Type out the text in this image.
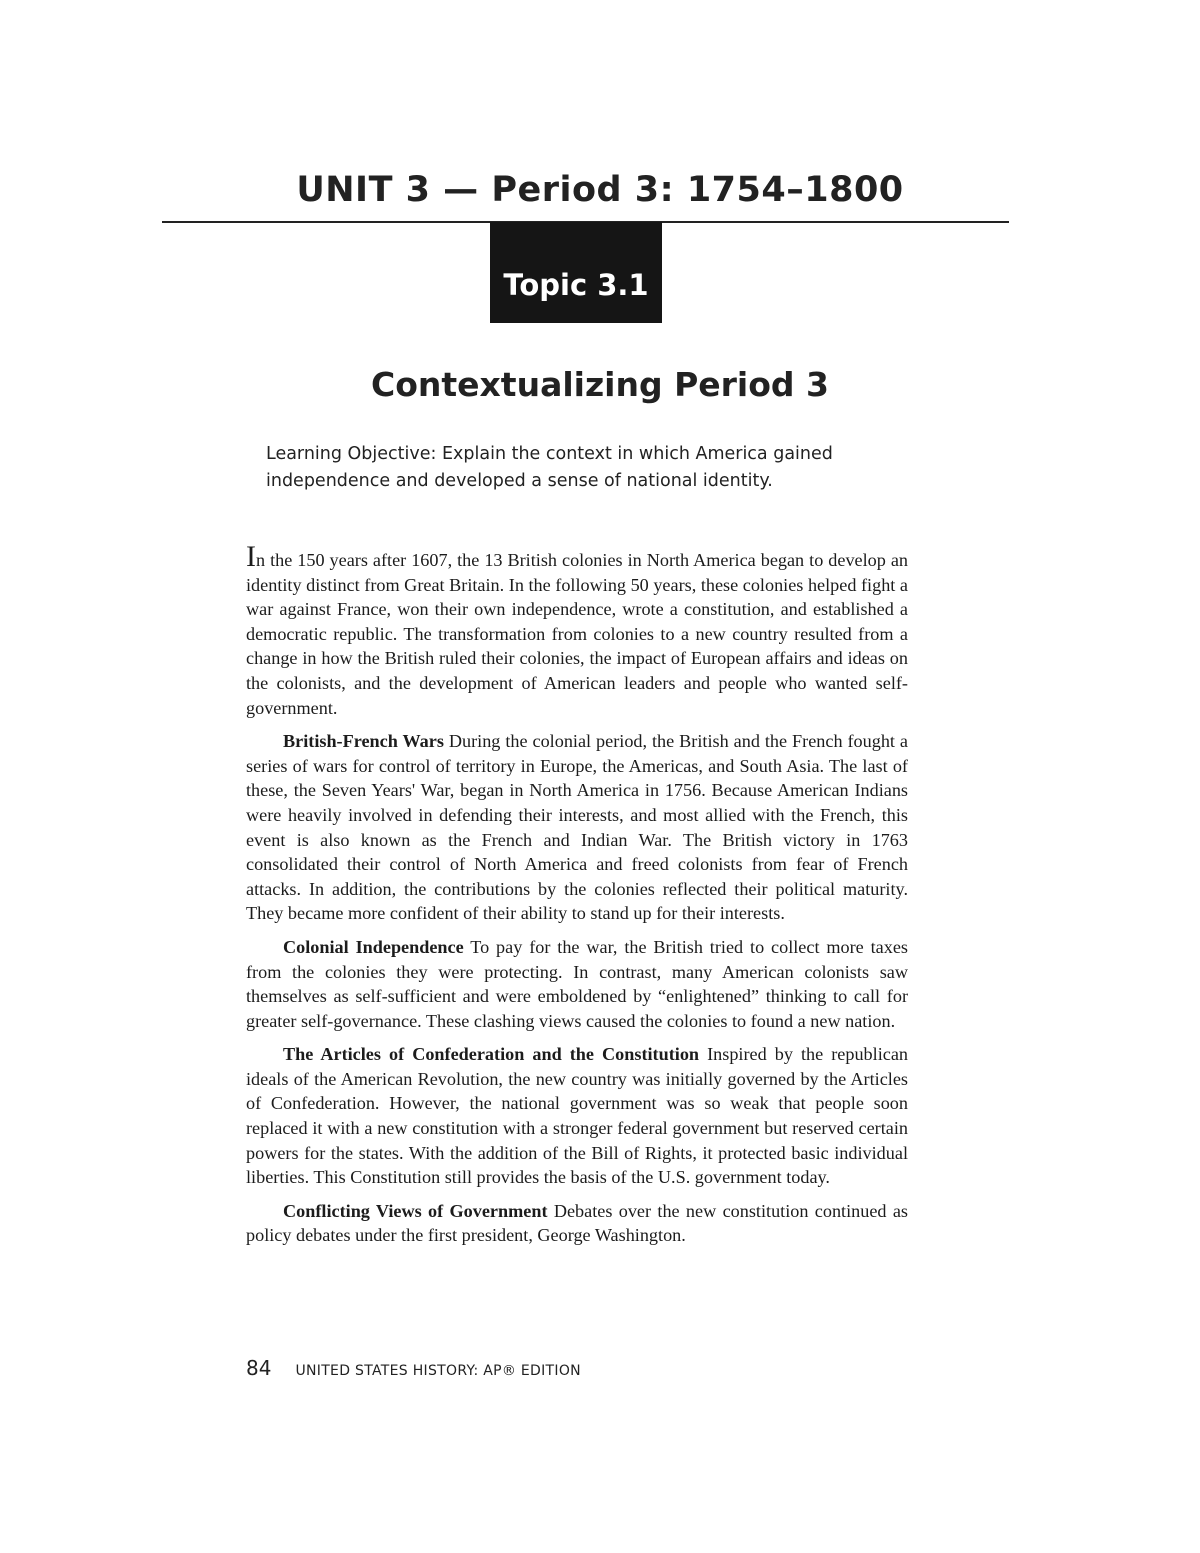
UNIT 3 — Period 3: 1754–1800
Topic 3.1
Contextualizing Period 3

Learning Objective: Explain the context in which America gained independence and developed a sense of national identity.

In the 150 years after 1607, the 13 British colonies in North America began to develop an identity distinct from Great Britain. In the following 50 years, these colonies helped fight a war against France, won their own independence, wrote a constitution, and established a democratic republic. The transformation from colonies to a new country resulted from a change in how the British ruled their colonies, the impact of European affairs and ideas on the colonists, and the development of American leaders and people who wanted self-government.

British-French Wars During the colonial period, the British and the French fought a series of wars for control of territory in Europe, the Americas, and South Asia. The last of these, the Seven Years' War, began in North America in 1756. Because American Indians were heavily involved in defending their interests, and most allied with the French, this event is also known as the French and Indian War. The British victory in 1763 consolidated their control of North America and freed colonists from fear of French attacks. In addition, the contributions by the colonies reflected their political maturity. They became more confident of their ability to stand up for their interests.

Colonial Independence To pay for the war, the British tried to collect more taxes from the colonies they were protecting. In contrast, many American colonists saw themselves as self-sufficient and were emboldened by “enlightened” thinking to call for greater self-governance. These clashing views caused the colonies to found a new nation.

The Articles of Confederation and the Constitution Inspired by the republican ideals of the American Revolution, the new country was initially governed by the Articles of Confederation. However, the national government was so weak that people soon replaced it with a new constitution with a stronger federal government but reserved certain powers for the states. With the addition of the Bill of Rights, it protected basic individual liberties. This Constitution still provides the basis of the U.S. government today.

Conflicting Views of Government Debates over the new constitution continued as policy debates under the first president, George Washington.

84 UNITED STATES HISTORY: AP® EDITION
